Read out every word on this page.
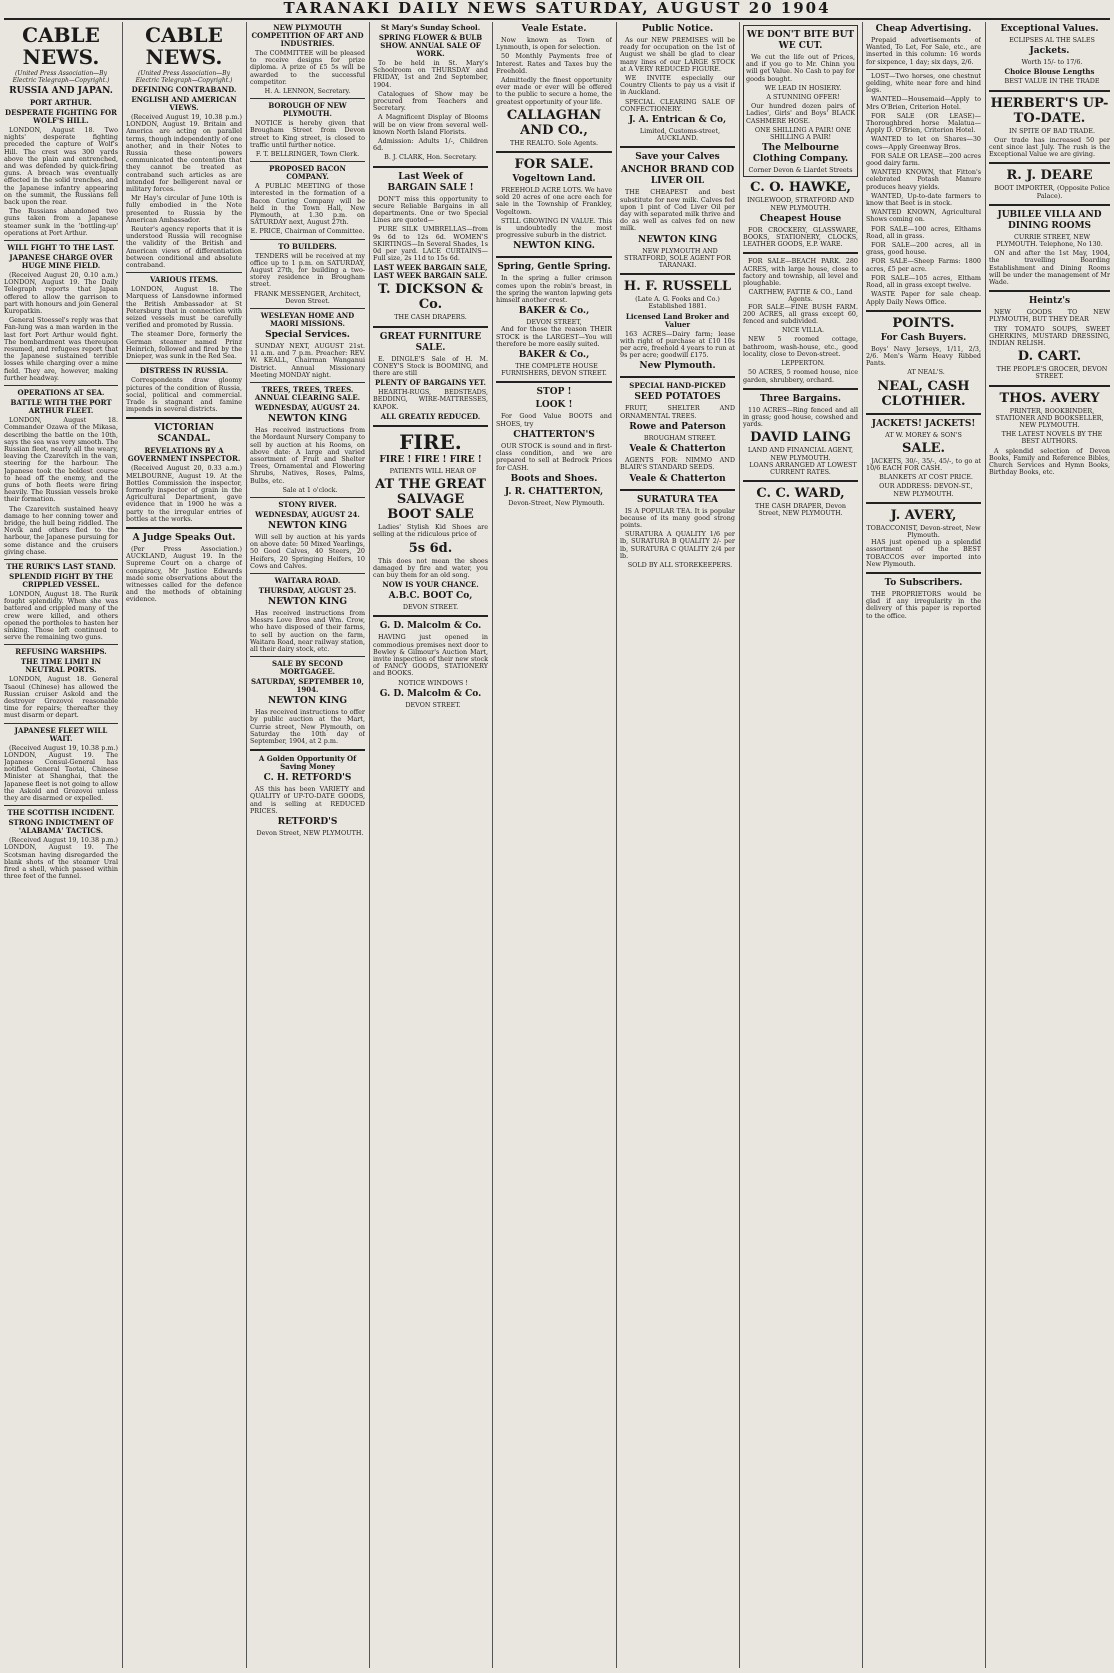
TARANAKI DAILY NEWS SATURDAY, AUGUST 20 1904
CABLE NEWS.
(United Press Association—By Electric Telegraph—Copyright.)
RUSSIA AND JAPAN.
PORT ARTHUR.
DESPERATE FIGHTING FOR WOLF'S HILL.

LONDON, August 18. Two nights' desperate fighting preceded the capture of Wolf's Hill. The crest was 300 yards above the plain and entrenched, and was defended by quick-firing guns. A breach was eventually effected in the solid trenches, and the Japanese infantry appearing on the summit, the Russians fell back upon the rear.

The Russians abandoned two guns taken from a Japanese steamer sunk in the 'bottling-up' operations at Port Arthur.

WILL FIGHT TO THE LAST.
JAPANESE CHARGE OVER HUGE MINE FIELD.

(Received August 20, 0.10 a.m.) LONDON, August 19. The Daily Telegraph reports that Japan offered to allow the garrison to part with honours and join General Kuropatkin.

General Stoessel's reply was that Fan-lung was a man warden in the last fort Port Arthur would fight. The bombardment was thereupon resumed, and refugees report that the Japanese sustained terrible losses while charging over a mine field. They are, however, making further headway.

OPERATIONS AT SEA.
BATTLE WITH THE PORT ARTHUR FLEET.

LONDON, August 18. Commander Ozawa of the Mikasa, describing the battle on the 10th, says the sea was very smooth. The Russian fleet, nearly all the weary, leaving the Czarevitch in the van, steering for the harbour. The Japanese took the boldest course to head off the enemy, and the guns of both fleets were firing heavily. The Russian vessels broke their formation.

The Czarevitch sustained heavy damage to her conning tower and bridge, the hull being riddled. The Novik and others fled to the harbour, the Japanese pursuing for some distance and the cruisers giving chase.

THE RURIK'S LAST STAND.
SPLENDID FIGHT BY THE CRIPPLED VESSEL.

LONDON, August 18. The Rurik fought splendidly. When she was battered and crippled many of the crew were killed, and others opened the portholes to hasten her sinking. Those left continued to serve the remaining two guns.

REFUSING WARSHIPS.
THE TIME LIMIT IN NEUTRAL PORTS.

LONDON, August 18. General Tsaoul (Chinese) has allowed the Russian cruiser Askold and the destroyer Grozovoi reasonable time for repairs; thereafter they must disarm or depart.

JAPANESE FLEET WILL WAIT.

(Received August 19, 10.38 p.m.) LONDON, August 19. The Japanese Consul-General has notified General Taotai, Chinese Minister at Shanghai, that the Japanese fleet is not going to allow the Askold and Grozovoi unless they are disarmed or expelled.

THE SCOTTISH INCIDENT.
STRONG INDICTMENT OF 'ALABAMA' TACTICS.

(Received August 19, 10.38 p.m.) LONDON, August 19. The Scotsman having disregarded the blank shots of the steamer Ural fired a shell, which passed within three feet of the funnel.

CABLE NEWS.
(United Press Association—By Electric Telegraph—Copyright.)
DEFINING CONTRABAND.
ENGLISH AND AMERICAN VIEWS.

(Received August 19, 10.38 p.m.) LONDON, August 19. Britain and America are acting on parallel terms, though independently of one another, and in their Notes to Russia these powers communicated the contention that they cannot be treated as contraband such articles as are intended for belligerent naval or military forces.

Mr Hay's circular of June 10th is fully embodied in the Note presented to Russia by the American Ambassador.

Reuter's agency reports that it is understood Russia will recognise the validity of the British and American views of differentiation between conditional and absolute contraband.

VARIOUS ITEMS.

LONDON, August 18. The Marquess of Lansdowne informed the British Ambassador at St Petersburg that in connection with seized vessels must be carefully verified and promoted by Russia.

The steamer Dore, formerly the German steamer named Prinz Heinrich, followed and fired by the Dnieper, was sunk in the Red Sea.

DISTRESS IN RUSSIA.

Correspondents draw gloomy pictures of the condition of Russia, social, political and commercial. Trade is stagnant and famine impends in several districts.

VICTORIAN SCANDAL.
REVELATIONS BY A GOVERNMENT INSPECTOR.

(Received August 20, 0.33 a.m.) MELBOURNE, August 19. At the Bottles Commission the inspector, formerly inspector of grain in the Agricultural Department, gave evidence that in 1900 he was a party to the irregular entries of bottles at the works.

A Judge Speaks Out.

(Per Press Association.) AUCKLAND, August 19. In the Supreme Court on a charge of conspiracy, Mr Justice Edwards made some observations about the witnesses called for the defence and the methods of obtaining evidence.

NEW PLYMOUTH COMPETITION OF ART AND INDUSTRIES.

The COMMITTEE will be pleased to receive designs for prize diploma. A prize of £5 5s will be awarded to the successful competitor.

H. A. LENNON, Secretary.
BOROUGH OF NEW PLYMOUTH.

NOTICE is hereby given that Brougham Street from Devon street to King street, is closed to traffic until further notice.

F. T. BELLRINGER, Town Clerk.
PROPOSED BACON COMPANY.

A PUBLIC MEETING of those interested in the formation of a Bacon Curing Company will be held in the Town Hall, New Plymouth, at 1.30 p.m. on SATURDAY next, August 27th.

E. PRICE, Chairman of Committee.
TO BUILDERS.

TENDERS will be received at my office up to 1 p.m. on SATURDAY, August 27th, for building a two-storey residence in Brougham street.

FRANK MESSENGER, Architect, Devon Street.
WESLEYAN HOME AND MAORI MISSIONS.
Special Services.

SUNDAY NEXT, AUGUST 21st. 11 a.m. and 7 p.m. Preacher: REV. W. KEALL, Chairman Wanganui District. Annual Missionary Meeting MONDAY night.

TREES, TREES, TREES. ANNUAL CLEARING SALE.
WEDNESDAY, AUGUST 24.
NEWTON KING

Has received instructions from the Mordaunt Nursery Company to sell by auction at his Rooms, on above date: A large and varied assortment of Fruit and Shelter Trees, Ornamental and Flowering Shrubs, Natives, Roses, Palms, Bulbs, etc.

Sale at 1 o'clock.

STONY RIVER.
WEDNESDAY, AUGUST 24.
NEWTON KING

Will sell by auction at his yards on above date: 50 Mixed Yearlings, 50 Good Calves, 40 Steers, 20 Heifers, 20 Springing Heifers, 10 Cows and Calves.

WAITARA ROAD.
THURSDAY, AUGUST 25.
NEWTON KING

Has received instructions from Messrs Love Bros and Wm. Crow, who have disposed of their farms, to sell by auction on the farm, Waitara Road, near railway station, all their dairy stock, etc.

SALE BY SECOND MORTGAGEE.
SATURDAY, SEPTEMBER 10, 1904.
NEWTON KING

Has received instructions to offer by public auction at the Mart, Currie street, New Plymouth, on Saturday the 10th day of September, 1904, at 2 p.m.

A Golden Opportunity Of Saving Money
C. H. RETFORD'S

AS this has been VARIETY and QUALITY of UP-TO-DATE GOODS, and is selling at REDUCED PRICES.

RETFORD'S

Devon Street, NEW PLYMOUTH.

St Mary's Sunday School.
SPRING FLOWER & BULB SHOW. ANNUAL SALE OF WORK.

To be held in St. Mary's Schoolroom on THURSDAY and FRIDAY, 1st and 2nd September, 1904.

Catalogues of Show may be procured from Teachers and Secretary.

A Magnificent Display of Blooms will be on view from several well-known North Island Florists.

Admission: Adults 1/-, Children 6d.

B. J. CLARK, Hon. Secretary.
Last Week of BARGAIN SALE !

DON'T miss this opportunity to secure Reliable Bargains in all departments. One or two Special Lines are quoted—

PURE SILK UMBRELLAS—from 9s 6d to 12s 6d. WOMEN'S SKIRTINGS—In Several Shades, 1s 0d per yard. LACE CURTAINS—Full size, 2s 11d to 15s 6d.

LAST WEEK BARGAIN SALE, LAST WEEK BARGAIN SALE.
T. DICKSON & Co.
THE CASH DRAPERS.
GREAT FURNITURE SALE.

E. DINGLE'S Sale of H. M. CONEY'S Stock is BOOMING, and there are still

PLENTY OF BARGAINS YET.

HEARTH-RUGS, BEDSTEADS, BEDDING, WIRE-MATTRESSES, KAPOK.

ALL GREATLY REDUCED.
FIRE.
FIRE ! FIRE ! FIRE !

PATIENTS WILL HEAR OF

AT THE GREAT SALVAGE BOOT SALE

Ladies' Stylish Kid Shoes are selling at the ridiculous price of

5s 6d.

This does not mean the shoes damaged by fire and water, you can buy them for an old song.

NOW IS YOUR CHANCE.
A.B.C. BOOT Co,
DEVON STREET.
G. D. Malcolm & Co.

HAVING just opened in commodious premises next door to Bewley & Gilmour's Auction Mart, invite inspection of their new stock of FANCY GOODS, STATIONERY and BOOKS.

NOTICE WINDOWS !

G. D. Malcolm & Co.

DEVON STREET.

Veale Estate.

Now known as Town of Lynmouth, is open for selection.

50 Monthly Payments free of Interest. Rates and Taxes buy the Freehold.

Admittedly the finest opportunity ever made or ever will be offered to the public to secure a home, the greatest opportunity of your life.

CALLAGHAN AND CO.,
THE REALTO. Sole Agents.
FOR SALE.
Vogeltown Land.

FREEHOLD ACRE LOTS. We have sold 20 acres of one acre each for sale in the Township of Frankley, Vogeltown.

STILL GROWING IN VALUE. This is undoubtedly the most progressive suburb in the district.

NEWTON KING.
Spring, Gentle Spring.

In the spring a fuller crimson comes upon the robin's breast, in the spring the wanton lapwing gets himself another crest.

BAKER & Co.,
DEVON STREET,

And for those the reason THEIR STOCK is the LARGEST—You will therefore be more easily suited.

BAKER & Co.,

THE COMPLETE HOUSE FURNISHERS, DEVON STREET.

STOP !
LOOK !

For Good Value BOOTS and SHOES, try

CHATTERTON'S

OUR STOCK is sound and in first-class condition, and we are prepared to sell at Bedrock Prices for CASH.

Boots and Shoes.
J. R. CHATTERTON,

Devon-Street, New Plymouth.

Public Notice.

As our NEW PREMISES will be ready for occupation on the 1st of August we shall be glad to clear many lines of our LARGE STOCK at A VERY REDUCED FIGURE.

WE INVITE especially our Country Clients to pay us a visit if in Auckland.

SPECIAL CLEARING SALE OF CONFECTIONERY.

J. A. Entrican & Co,

Limited, Customs-street, AUCKLAND.

Save your Calves
ANCHOR BRAND COD LIVER OIL

THE CHEAPEST and best substitute for new milk. Calves fed upon 1 pint of Cod Liver Oil per day with separated milk thrive and do as well as calves fed on new milk.

NEWTON KING

NEW PLYMOUTH AND STRATFORD, SOLE AGENT FOR TARANAKI.

H. F. RUSSELL
(Late A. G. Fooks and Co.) Established 1881.
Licensed Land Broker and Valuer

163 ACRES—Dairy farm; lease with right of purchase at £10 10s per acre, freehold 4 years to run at 9s per acre; goodwill £175.

New Plymouth.
SPECIAL HAND-PICKED
SEED POTATOES

FRUIT, SHELTER AND ORNAMENTAL TREES.

Rowe and Paterson

BROUGHAM STREET.

Veale & Chatterton

AGENTS FOR: NIMMO AND BLAIR'S STANDARD SEEDS.

Veale & Chatterton
SURATURA TEA

IS A POPULAR TEA. It is popular because of its many good strong points.

SURATURA A QUALITY 1/6 per lb, SURATURA B QUALITY 2/- per lb, SURATURA C QUALITY 2/4 per lb.

SOLD BY ALL STOREKEEPERS.

WE DON'T BITE BUT WE CUT.

We cut the life out of Prices, and if you go to Mr. Chinn you will get Value. No Cash to pay for goods bought.

WE LEAD IN HOSIERY.

A STUNNING OFFER!

Our hundred dozen pairs of Ladies', Girls' and Boys' BLACK CASHMERE HOSE.

ONE SHILLING A PAIR! ONE SHILLING A PAIR!

The Melbourne Clothing Company.
Corner Devon & Liardet Streets
C. O. HAWKE,
INGLEWOOD, STRATFORD AND NEW PLYMOUTH.
Cheapest House

FOR CROCKERY, GLASSWARE, BOOKS, STATIONERY, CLOCKS, LEATHER GOODS, E.P. WARE.

FOR SALE—BEACH PARK. 280 ACRES, with large house, close to factory and township, all level and ploughable.

CARTHEW, FATTIE & CO., Land Agents.

FOR SALE—FINE BUSH FARM. 200 ACRES, all grass except 60, fenced and subdivided.

NICE VILLA.

NEW 5 roomed cottage, bathroom, wash-house, etc., good locality, close to Devon-street.

LEPPERTON.

50 ACRES, 5 roomed house, nice garden, shrubbery, orchard.

Three Bargains.

110 ACRES—Ring fenced and all in grass; good house, cowshed and yards.

DAVID LAING
LAND AND FINANCIAL AGENT, NEW PLYMOUTH.

LOANS ARRANGED AT LOWEST CURRENT RATES.

C. C. WARD,
THE CASH DRAPER, Devon Street, NEW PLYMOUTH.
Cheap Advertising.

Prepaid advertisements of Wanted, To Let, For Sale, etc., are inserted in this column: 16 words for sixpence, 1 day; six days, 2/6.

LOST—Two horses, one chestnut gelding, white near fore and hind legs.

WANTED—Housemaid—Apply to Mrs O'Brien, Criterion Hotel.

FOR SALE (OR LEASE)—Thoroughbred horse Malatua—Apply D. O'Brien, Criterion Hotel.

WANTED to let on Shares—30 cows—Apply Greenway Bros.

FOR SALE OR LEASE—200 acres good dairy farm.

WANTED KNOWN, that Fitton's celebrated Potash Manure produces heavy yields.

WANTED, Up-to-date farmers to know that Beet is in stock.

WANTED KNOWN, Agricultural Shows coming on.

FOR SALE—100 acres, Elthams Road, all in grass.

FOR SALE—200 acres, all in grass, good house.

FOR SALE—Sheep Farms: 1800 acres, £5 per acre.

FOR SALE—105 acres, Eltham Road, all in grass except twelve.

WASTE Paper for sale cheap. Apply Daily News Office.

POINTS.
For Cash Buyers.

Boys' Navy Jerseys, 1/11, 2/3, 2/6. Men's Warm Heavy Ribbed Pants.

AT NEAL'S.

NEAL, CASH CLOTHIER.
JACKETS! JACKETS!
AT W. MOREY & SON'S
SALE.

JACKETS, 30/-, 35/-, 45/-, to go at 10/6 EACH FOR CASH.

BLANKETS AT COST PRICE.

OUR ADDRESS: DEVON-ST., NEW PLYMOUTH.

J. AVERY,
TOBACCONIST, Devon-street, New Plymouth.

HAS just opened up a splendid assortment of the BEST TOBACCOS ever imported into New Plymouth.

To Subscribers.

THE PROPRIETORS would be glad if any irregularity in the delivery of this paper is reported to the office.

Exceptional Values.

ECLIPSES AL THE SALES

Jackets.

Worth 15/- to 17/6.

Choice Blouse Lengths

BEST VALUE IN THE TRADE

HERBERT'S UP-TO-DATE.

IN SPITE OF BAD TRADE.

Our trade has increased 50 per cent since last July. The rush is the Exceptional Value we are giving.

R. J. DEARE

BOOT IMPORTER, (Opposite Police Palace).

JUBILEE VILLA AND DINING ROOMS

CURRIE STREET, NEW PLYMOUTH. Telephone, No 130.

ON and after the 1st May, 1904, the travelling Boarding Establishment and Dining Rooms will be under the management of Mr Wade.

Heintz's

NEW GOODS TO NEW PLYMOUTH, BUT THEY DEAR

TRY TOMATO SOUPS, SWEET GHERKINS, MUSTARD DRESSING, INDIAN RELISH.

D. CART.

THE PEOPLE'S GROCER, DEVON STREET.

THOS. AVERY

PRINTER, BOOKBINDER, STATIONER AND BOOKSELLER, NEW PLYMOUTH.

THE LATEST NOVELS BY THE BEST AUTHORS.

A splendid selection of Devon Books, Family and Reference Bibles, Church Services and Hymn Books, Birthday Books, etc.
